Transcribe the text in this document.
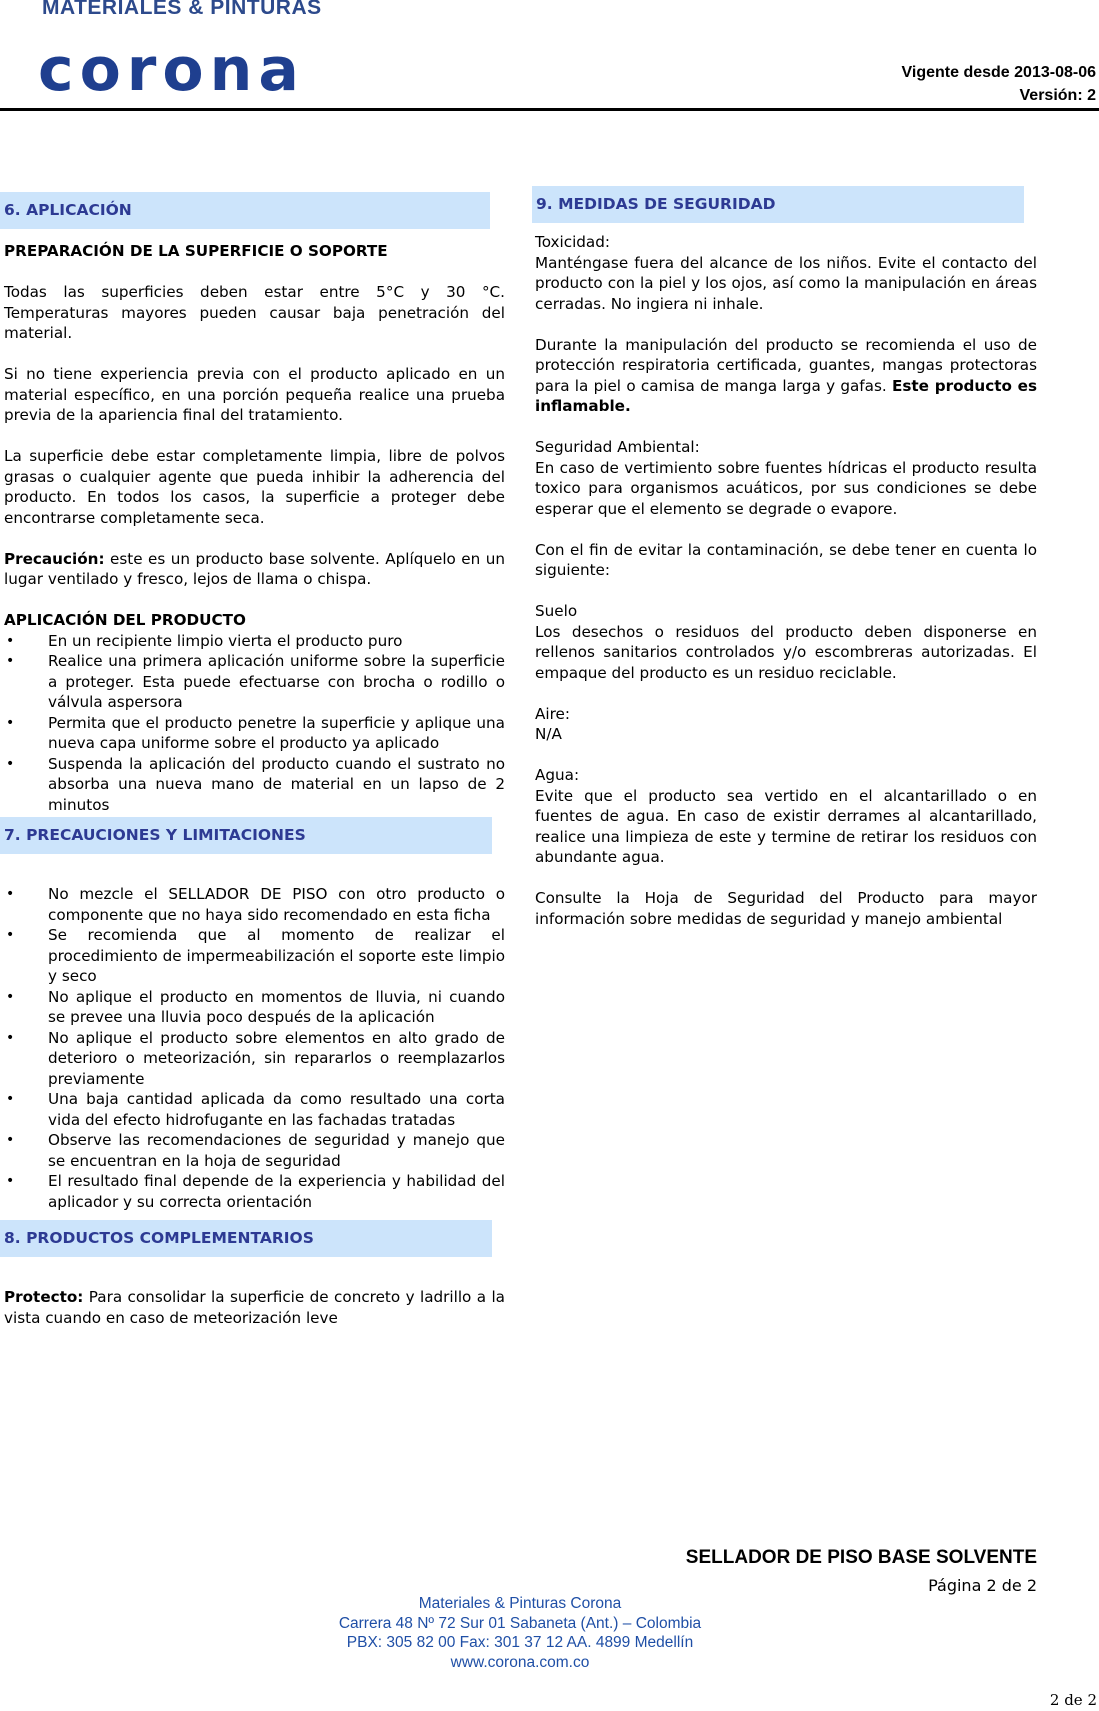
MATERIALES & PINTURAS
corona	Vigente desde 2013-08-06
Versión: 2
6. APLICACIÓN

PREPARACIÓN DE LA SUPERFICIE O SOPORTE

Todas las superficies deben estar entre 5°C y 30 °C. Temperaturas mayores pueden causar baja penetración del material.

Si no tiene experiencia previa con el producto aplicado en un material específico, en una porción pequeña realice una prueba previa de la apariencia final del tratamiento.

La superficie debe estar completamente limpia, libre de polvos grasas o cualquier agente que pueda inhibir la adherencia del producto. En todos los casos, la superficie a proteger debe encontrarse completamente seca.

Precaución: este es un producto base solvente. Aplíquelo en un lugar ventilado y fresco, lejos de llama o chispa.

APLICACIÓN DEL PRODUCTO

• En un recipiente limpio vierta el producto puro
• Realice una primera aplicación uniforme sobre la superficie a proteger. Esta puede efectuarse con brocha o rodillo o válvula aspersora
• Permita que el producto penetre la superficie y aplique una nueva capa uniforme sobre el producto ya aplicado
• Suspenda la aplicación del producto cuando el sustrato no absorba una nueva mano de material en un lapso de 2 minutos
7. PRECAUCIONES Y LIMITACIONES
• No mezcle el SELLADOR DE PISO con otro producto o componente que no haya sido recomendado en esta ficha
• Se recomienda que al momento de realizar el procedimiento de impermeabilización el soporte este limpio y seco
• No aplique el producto en momentos de lluvia, ni cuando se prevee una lluvia poco después de la aplicación
• No aplique el producto sobre elementos en alto grado de deterioro o meteorización, sin repararlos o reemplazarlos previamente
• Una baja cantidad aplicada da como resultado una corta vida del efecto hidrofugante en las fachadas tratadas
• Observe las recomendaciones de seguridad y manejo que se encuentran en la hoja de seguridad
• El resultado final depende de la experiencia y habilidad del aplicador y su correcta orientación
8. PRODUCTOS COMPLEMENTARIOS

Protecto: Para consolidar la superficie de concreto y ladrillo a la vista cuando en caso de meteorización leve

9. MEDIDAS DE SEGURIDAD

Toxicidad:

Manténgase fuera del alcance de los niños. Evite el contacto del producto con la piel y los ojos, así como la manipulación en áreas cerradas. No ingiera ni inhale.

Durante la manipulación del producto se recomienda el uso de protección respiratoria certificada, guantes, mangas protectoras para la piel o camisa de manga larga y gafas. Este producto es inflamable.

Seguridad Ambiental:

En caso de vertimiento sobre fuentes hídricas el producto resulta toxico para organismos acuáticos, por sus condiciones se debe esperar que el elemento se degrade o evapore.

Con el fin de evitar la contaminación, se debe tener en cuenta lo siguiente:

Suelo

Los desechos o residuos del producto deben disponerse en rellenos sanitarios controlados y/o escombreras autorizadas. El empaque del producto es un residuo reciclable.

Aire:

N/A

Agua:

Evite que el producto sea vertido en el alcantarillado o en fuentes de agua. En caso de existir derrames al alcantarillado, realice una limpieza de este y termine de retirar los residuos con abundante agua.

Consulte la Hoja de Seguridad del Producto para mayor información sobre medidas de seguridad y manejo ambiental

SELLADOR DE PISO BASE SOLVENTE
Página 2 de 2
Materiales & Pinturas Corona
Carrera 48 Nº 72 Sur 01 Sabaneta (Ant.) – Colombia
PBX: 305 82 00 Fax: 301 37 12 AA. 4899 Medellín
www.corona.com.co
2 de 2
